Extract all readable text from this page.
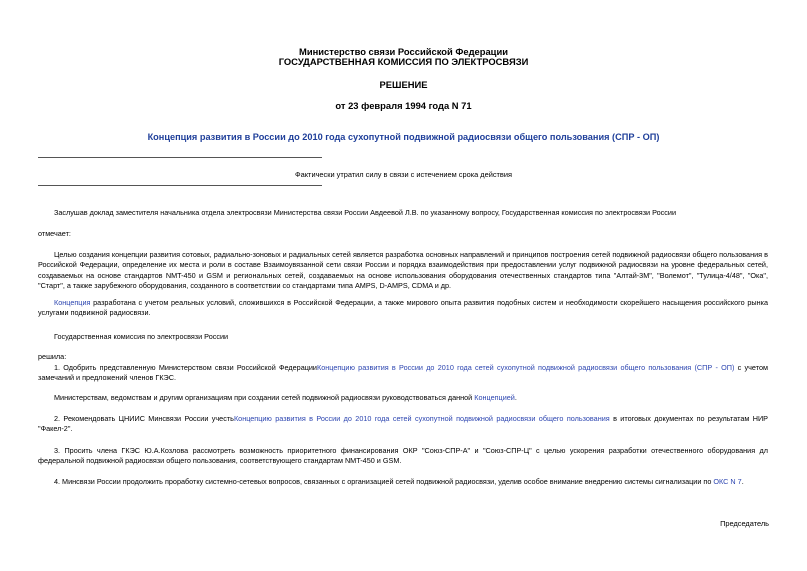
Министерство связи Российской Федерации
ГОСУДАРСТВЕННАЯ КОМИССИЯ ПО ЭЛЕКТРОСВЯЗИ
РЕШЕНИЕ
от 23 февраля 1994 года N 71
Концепция развития в России до 2010 года сухопутной подвижной радиосвязи общего пользования (СПР - ОП)
Фактически утратил силу в связи с истечением срока действия

Заслушав доклад заместителя начальника отдела электросвязи Министерства связи России Авдеевой Л.В. по указанному вопросу, Государственная комиссия по электросвязи России

отмечает:

Целью создания концепции развития сотовых, радиально-зоновых и радиальных сетей является разработка основных направлений и принципов построения сетей подвижной радиосвязи общего пользования в Российской Федерации, определение их места и роли в составе Взаимоувязанной сети связи России и порядка взаимодействия при предоставлении услуг подвижной радиосвязи на уровне федеральных сетей, создаваемых на основе стандартов NMT-450 и GSM и региональных сетей, создаваемых на основе использования оборудования отечественных стандартов типа "Алтай-3М", "Волемот", "Тулица-4/48", "Ока", "Старт", а также зарубежного оборудования, созданного в соответствии со стандартами типа AMPS, D-AMPS, CDMA и др.

Концепция разработана с учетом реальных условий, сложившихся в Российской Федерации, а также мирового опыта развития подобных систем и необходимости скорейшего насыщения российского рынка услугами подвижной радиосвязи.

Государственная комиссия по электросвязи России

решила:

1. Одобрить представленную Министерством связи Российской ФедерацииКонцепцию развития в России до 2010 года сетей сухопутной подвижной радиосвязи общего пользования (СПР - ОП) с учетом замечаний и предложений членов ГКЭС.

Министерствам, ведомствам и другим организациям при создании сетей подвижной радиосвязи руководствоваться данной Концепцией.

2. Рекомендовать ЦНИИС Минсвязи России учестьКонцепцию развития в России до 2010 года сетей сухопутной подвижной радиосвязи общего пользования в итоговых документах по результатам НИР "Факел-2".

3. Просить члена ГКЭС Ю.А.Козлова рассмотреть возможность приоритетного финансирования ОКР "Союз-СПР-А" и "Союз-СПР-Ц" с целью ускорения разработки отечественного оборудования дл федеральной подвижной радиосвязи общего пользования, соответствующего стандартам NMT-450 и GSM.

4. Минсвязи России продолжить проработку системно-сетевых вопросов, связанных с организацией сетей подвижной радиосвязи, уделив особое внимание внедрению системы сигнализации по ОКС N 7.

Председатель
